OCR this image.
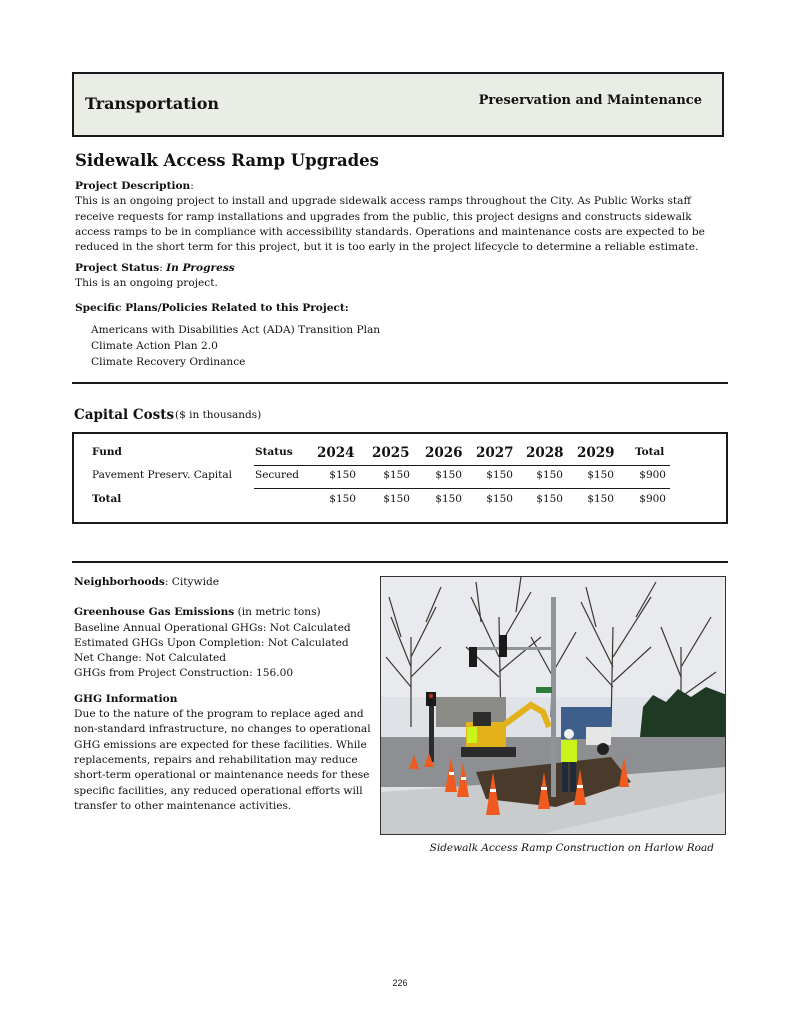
Transportation	Preservation and Maintenance
Sidewalk Access Ramp Upgrades
Project Description:
This is an ongoing project to install and upgrade sidewalk access ramps throughout the City. As Public Works staff receive requests for ramp installations and upgrades from the public, this project designs and constructs sidewalk access ramps to be in compliance with accessibility standards. Operations and maintenance costs are expected to be reduced in the short term for this project, but it is too early in the project lifecycle to determine a reliable estimate.
Project Status: In Progress
This is an ongoing project.
Specific Plans/Policies Related to this Project:
Americans with Disabilities Act (ADA) Transition Plan
Climate Action Plan 2.0
Climate Recovery Ordinance
Capital Costs ($ in thousands)
Fund	Status 2024 2025 2026 2027 2028 2029 Total
Pavement Preserv. Capital Secured	$150	$150	$150	$150	$150	$150	$900
Total	$150	$150	$150	$150	$150	$150	$900
Neighborhoods: Citywide
Greenhouse Gas Emissions (in metric tons)
Baseline Annual Operational GHGs: Not Calculated
Estimated GHGs Upon Completion: Not Calculated
Net Change: Not Calculated
GHGs from Project Construction: 156.00
GHG Information
Due to the nature of the program to replace aged and non-standard infrastructure, no changes to operational GHG emissions are expected for these facilities. While replacements, repairs and rehabilitation may reduce short-term operational or maintenance needs for these specific facilities, any reduced operational efforts will transfer to other maintenance activities.
Sidewalk Access Ramp Construction on Harlow Road
226
